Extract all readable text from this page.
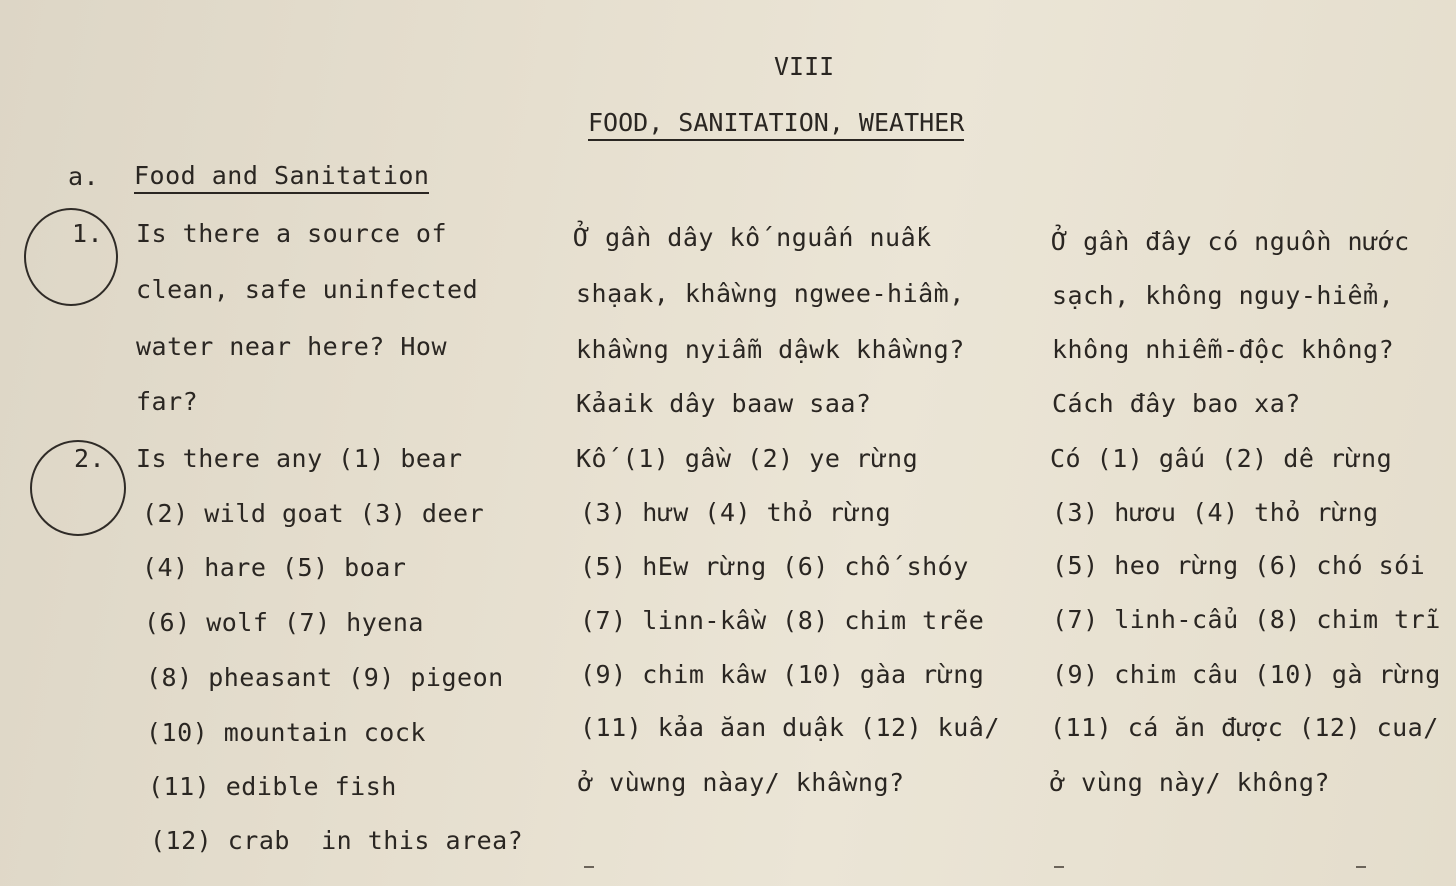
VIII
FOOD, SANITATION, WEATHER
a. Food and Sanitation
1. Is there a source of
clean, safe uninfected
water near here? How
far?
Ở gần dây kố nguấn nuấk
shạak, khầwng ngwee-hiầm,
khầwng nyiẫm dậwk khầwng?
Kảaik dây baaw saa?
Ở gần đây có nguồn nước
sạch, không nguy-hiểm,
không nhiễm-độc không?
Cách đây bao xa?
2. Is there any (1) bear
(2) wild goat (3) deer
(4) hare (5) boar
(6) wolf (7) hyena
(8) pheasant (9) pigeon
(10) mountain cock
(11) edible fish
(12) crab  in this area?
Kố (1) gầw (2) ye rừng
(3) hưw (4) thỏ rừng
(5) hEw rừng (6) chố shóy
(7) linn-kầw (8) chim trẽe
(9) chim kâw (10) gàa rừng
(11) kảa ăan duậk (12) kuâ/
ở vùwng nàay/ khầwng?
Có (1) gấu (2) dê rừng
(3) hươu (4) thỏ rừng
(5) heo rừng (6) chó sói
(7) linh-cẩu (8) chim trĩ
(9) chim câu (10) gà rừng
(11) cá ăn được (12) cua/
ở vùng này/ không?
